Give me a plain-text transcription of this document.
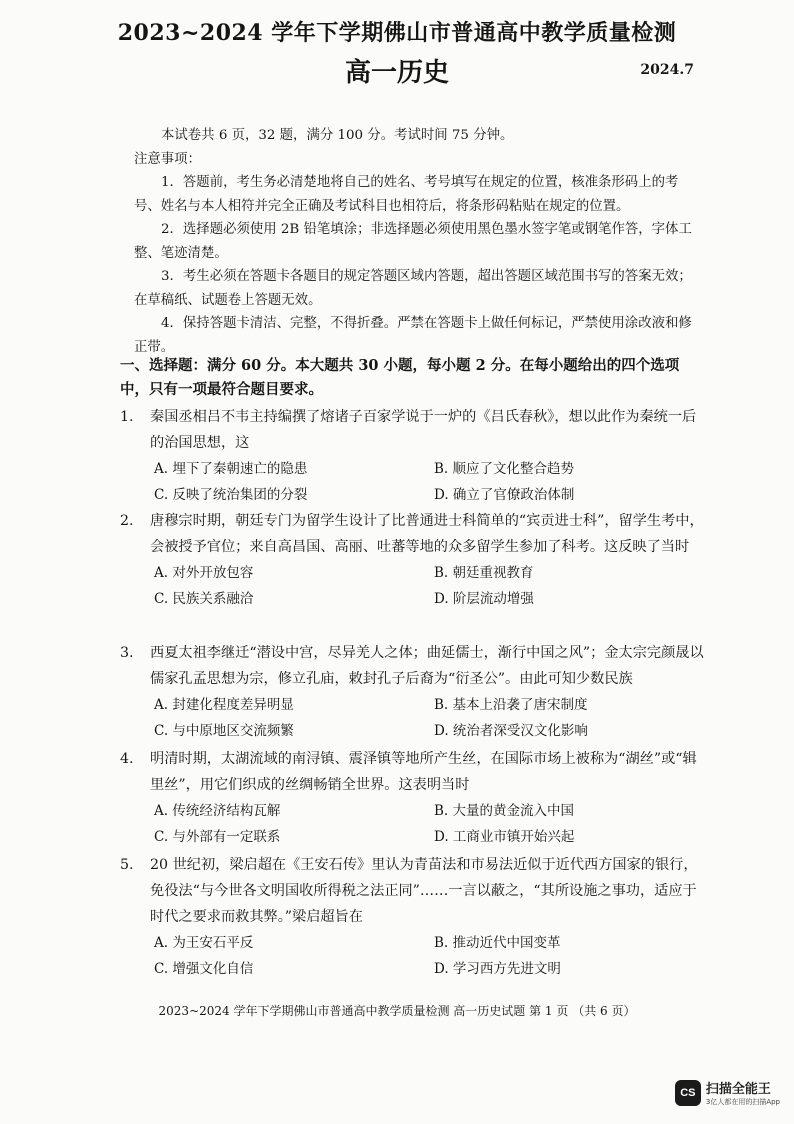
2023~2024 学年下学期佛山市普通高中教学质量检测
高一历史	2024.7

本试卷共 6 页，32 题，满分 100 分。考试时间 75 分钟。

注意事项：

1．答题前，考生务必清楚地将自己的姓名、考号填写在规定的位置，核准条形码上的考号、姓名与本人相符并完全正确及考试科目也相符后，将条形码粘贴在规定的位置。

2．选择题必须使用 2B 铅笔填涂；非选择题必须使用黑色墨水签字笔或钢笔作答，字体工整、笔迹清楚。

3．考生必须在答题卡各题目的规定答题区域内答题，超出答题区域范围书写的答案无效；在草稿纸、试题卷上答题无效。

4．保持答题卡清洁、完整，不得折叠。严禁在答题卡上做任何标记，严禁使用涂改液和修正带。

一、选择题：满分 60 分。本大题共 30 小题，每小题 2 分。在每小题给出的四个选项中，只有一项最符合题目要求。
1. 秦国丞相吕不韦主持编撰了熔诸子百家学说于一炉的《吕氏春秋》，想以此作为秦统一后的治国思想，这
A. 埋下了秦朝速亡的隐患	B. 顺应了文化整合趋势
C. 反映了统治集团的分裂	D. 确立了官僚政治体制
2. 唐穆宗时期，朝廷专门为留学生设计了比普通进士科简单的“宾贡进士科”，留学生考中，会被授予官位；来自高昌国、高丽、吐蕃等地的众多留学生参加了科考。这反映了当时
A. 对外开放包容	B. 朝廷重视教育
C. 民族关系融洽	D. 阶层流动增强
3. 西夏太祖李继迁“潜设中宫，尽异羌人之体；曲延儒士，渐行中国之风”；金太宗完颜晟以儒家孔孟思想为宗，修立孔庙，敕封孔子后裔为“衍圣公”。由此可知少数民族
A. 封建化程度差异明显	B. 基本上沿袭了唐宋制度
C. 与中原地区交流频繁	D. 统治者深受汉文化影响
4. 明清时期，太湖流域的南浔镇、震泽镇等地所产生丝，在国际市场上被称为“湖丝”或“辑里丝”，用它们织成的丝绸畅销全世界。这表明当时
A. 传统经济结构瓦解	B. 大量的黄金流入中国
C. 与外部有一定联系	D. 工商业市镇开始兴起
5. 20 世纪初，梁启超在《王安石传》里认为青苗法和市易法近似于近代西方国家的银行，免役法“与今世各文明国收所得税之法正同”……一言以蔽之，“其所设施之事功，适应于时代之要求而救其弊。”梁启超旨在
A. 为王安石平反	B. 推动近代中国变革
C. 增强文化自信	D. 学习西方先进文明
2023~2024 学年下学期佛山市普通高中教学质量检测 高一历史试题 第 1 页 （共 6 页）
CS 扫描全能王
3亿人都在用的扫描App
